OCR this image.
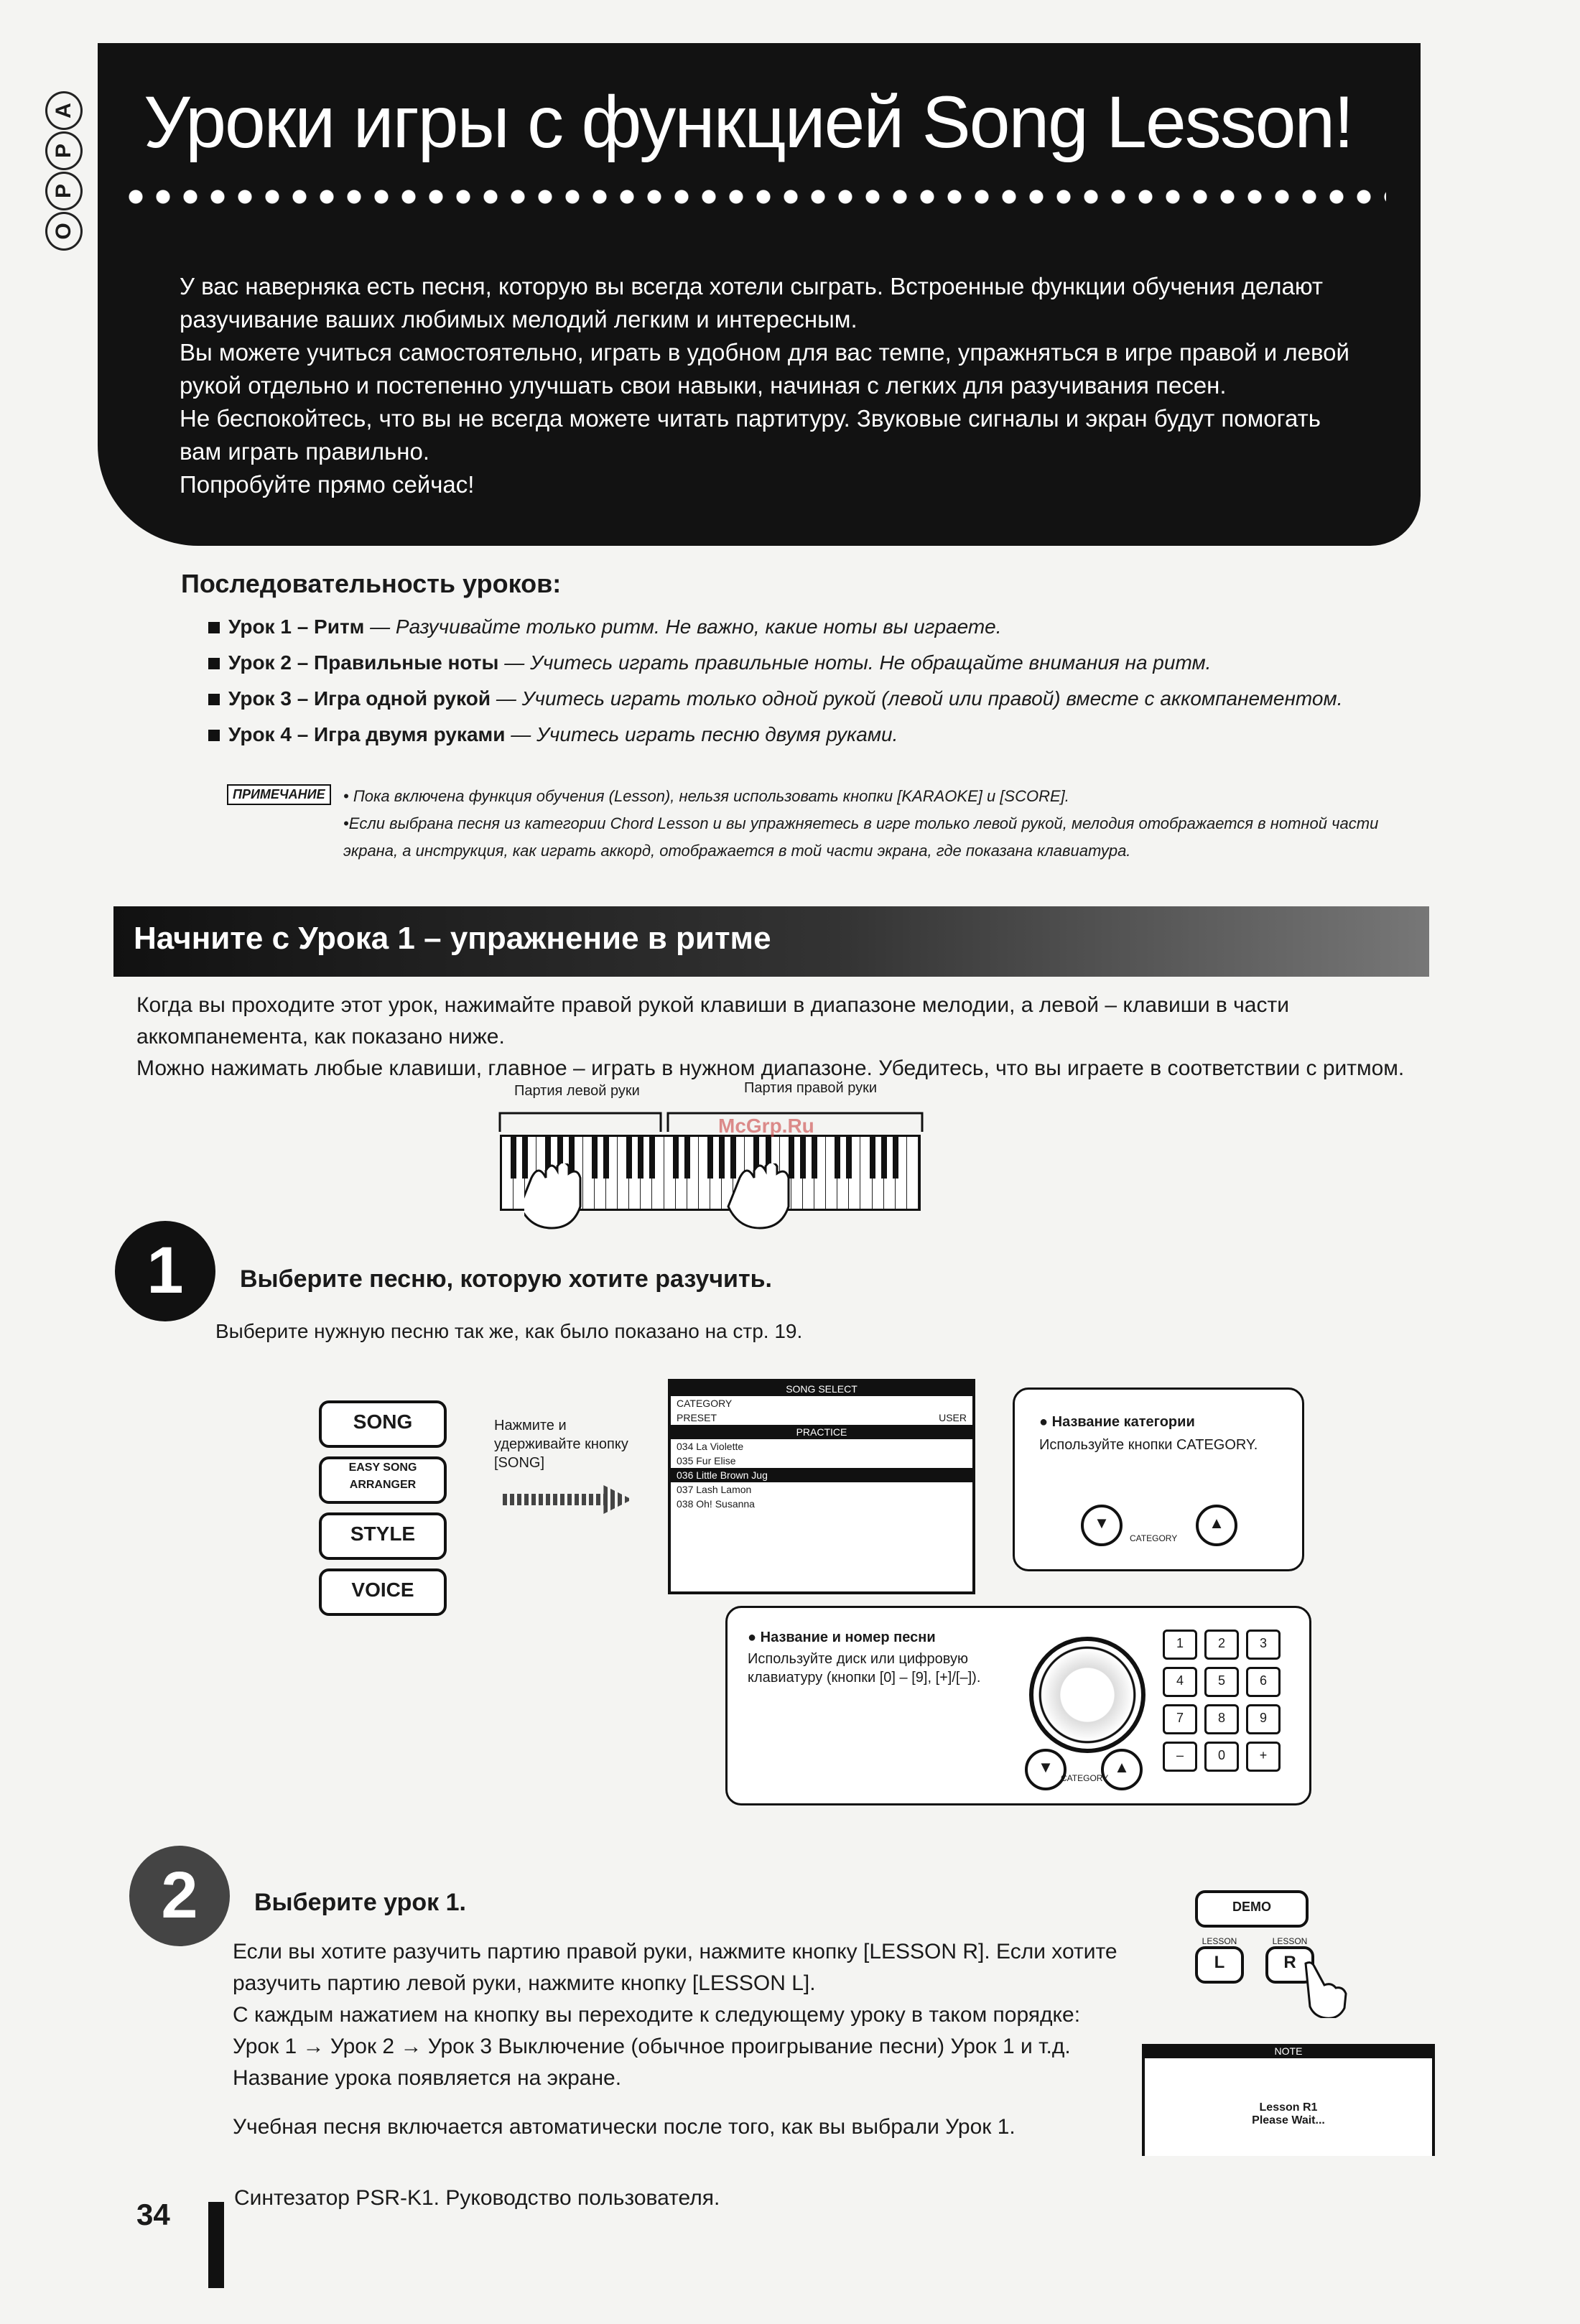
А
Р
Р
О
Уроки игры с функцией Song Lesson!

У вас наверняка есть песня, которую вы всегда хотели сыграть. Встроенные функции обучения делают разучивание ваших любимых мелодий легким и интересным.

Вы можете учиться самостоятельно, играть в удобном для вас темпе, упражняться в игре правой и левой рукой отдельно и постепенно улучшать свои навыки, начиная с легких для разучивания песен.

Не беспокойтесь, что вы не всегда можете читать партитуру. Звуковые сигналы и экран будут помогать вам играть правильно.

Попробуйте прямо сейчас!

Последовательность уроков:
Урок 1 – Ритм — Разучивайте только ритм. Не важно, какие ноты вы играете.
Урок 2 – Правильные ноты — Учитесь играть правильные ноты. Не обращайте внимания на ритм.
Урок 3 – Игра одной рукой — Учитесь играть только одной рукой (левой или правой) вместе с аккомпанементом.
Урок 4 – Игра двумя руками — Учитесь играть песню двумя руками.
ПРИМЕЧАНИЕ	• Пока включена функция обучения (Lesson), нельзя использовать кнопки [KARAOKE] и [SCORE].

•Если выбрана песня из категории Chord Lesson и вы упражняетесь в игре только левой рукой, мелодия отображается в нотной части экрана, а инструкция, как играть аккорд, отображается в той части экрана, где показана клавиатура.

Начните с Урока 1 – упражнение в ритме

Когда вы проходите этот урок, нажимайте правой рукой клавиши в диапазоне мелодии, а левой – клавиши в части аккомпанемента, как показано ниже.

Можно нажимать любые клавиши, главное – играть в нужном диапазоне. Убедитесь, что вы играете в соответствии с ритмом.

Партия левой руки	Партия правой руки
McGrp.Ru
1	Выберите песню, которую хотите разучить.
Выберите нужную песню так же, как было показано на стр. 19.
SONG
EASY SONG ARRANGER
STYLE
VOICE
Нажмите и удерживайте кнопку [SONG]
SONG SELECT
CATEGORY
PRESET	USER
PRACTICE
034 La Violette
035 Fur Elise
036 Little Brown Jug
037 Lash Lamon
038 Oh! Susanna
● Название категории
Используйте кнопки CATEGORY.
▼	▲
CATEGORY
● Название и номер песни
Используйте диск или цифровую клавиатуру (кнопки [0] – [9], [+]/[–]).
▼	▲
CATEGORY
1	2	3
4	5	6
7	8	9
–	0	+
2	Выберите урок 1.

Если вы хотите разучить партию правой руки, нажмите кнопку [LESSON R]. Если хотите разучить партию левой руки, нажмите кнопку [LESSON L].

С каждым нажатием на кнопку вы переходите к следующему уроку в таком порядке:

Урок 1 → Урок 2 → Урок 3 Выключение (обычное проигрывание песни) Урок 1 и т.д.

Название урока появляется на экране.

Учебная песня включается автоматически после того, как вы выбрали Урок 1.

DEMO
LESSON
L
LESSON
R
NOTE
Lesson R1
Please Wait...
34	Синтезатор PSR-K1. Руководство пользователя.
